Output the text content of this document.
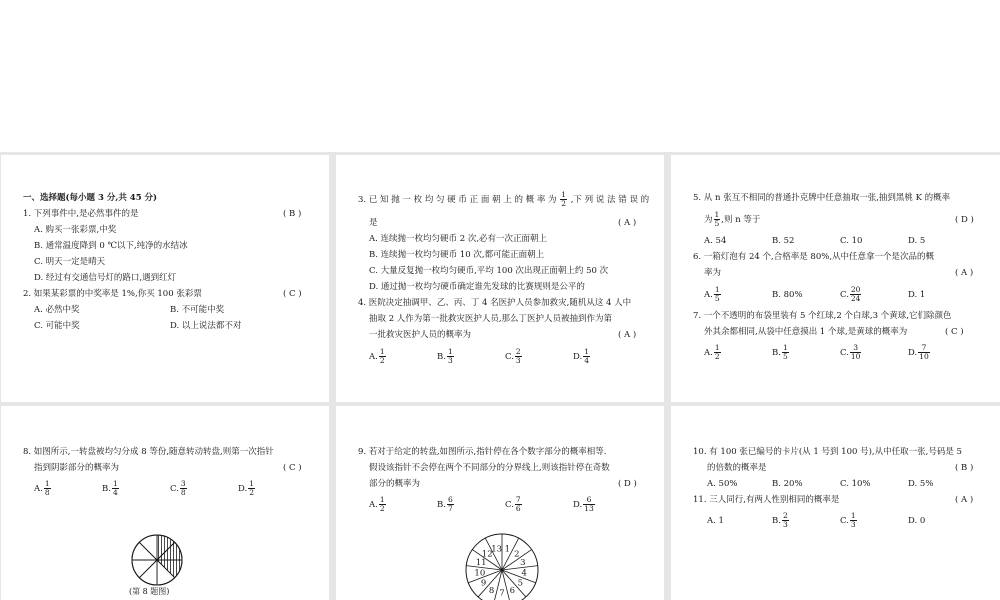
一、选择题(每小题 3 分,共 45 分)
1. 下列事件中,是必然事件的是	( B )
A. 购买一张彩票,中奖
B. 通常温度降到 0 ℃以下,纯净的水结冰
C. 明天一定是晴天
D. 经过有交通信号灯的路口,遇到红灯
2. 如果某彩票的中奖率是 1%,你买 100 张彩票	( C )
A. 必然中奖	B. 不可能中奖
C. 可能中奖	D. 以上说法都不对
3. 已 知 抛 一 枚 均 匀 硬 币 正 面 朝 上 的 概 率 为 $\frac{1}{2}$ ,下 列 说 法 错 误 的
是	( A )
A. 连续抛一枚均匀硬币 2 次,必有一次正面朝上
B. 连续抛一枚均匀硬币 10 次,都可能正面朝上
C. 大量反复抛一枚均匀硬币,平均 100 次出现正面朝上约 50 次
D. 通过抛一枚均匀硬币确定谁先发球的比赛规则是公平的
4. 医院决定抽调甲、乙、丙、丁 4 名医护人员参加救灾,随机从这 4 人中
抽取 2 人作为第一批救灾医护人员,那么丁医护人员被抽到作为第
一批救灾医护人员的概率为	( A )
A. $\frac{1}{2}$	B. $\frac{1}{3}$	C. $\frac{2}{3}$	D. $\frac{1}{4}$
5. 从 n 张互不相同的普通扑克牌中任意抽取一张,抽到黑桃 K 的概率
为 $\frac{1}{5}$ ,则 n 等于	( D )
A. 54	B. 52	C. 10	D. 5
6. 一箱灯泡有 24 个,合格率是 80%,从中任意拿一个是次品的概
率为	( A )
A. $\frac{1}{5}$	B. 80%	C. $\frac{20}{24}$	D. 1
7. 一个不透明的布袋里装有 5 个红球,2 个白球,3 个黄球,它们除颜色
外其余都相同,从袋中任意摸出 1 个球,是黄球的概率为	( C )
A. $\frac{1}{2}$	B. $\frac{1}{5}$	C. $\frac{3}{10}$	D. $\frac{7}{10}$
8. 如图所示,一转盘被均匀分成 8 等份,随意转动转盘,则第一次指针
指到阴影部分的概率为	( C )
A. $\frac{1}{8}$	B. $\frac{1}{4}$	C. $\frac{3}{8}$	D. $\frac{1}{2}$
(第 8 题图)
9. 若对于给定的转盘,如图所示,指针停在各个数字部分的概率相等.
假设该指针不会停在两个不同部分的分界线上,则该指针停在奇数
部分的概率为	( D )
A. $\frac{1}{2}$	B. $\frac{6}{7}$	C. $\frac{7}{6}$	D. $\frac{6}{13}$
1 2
3
4
5
6
7
8
9
10
11
12
13
10. 有 100 张已编号的卡片(从 1 号到 100 号),从中任取一张,号码是 5
的倍数的概率是	( B )
A. 50%	B. 20%	C. 10%	D. 5%
11. 三人同行,有两人性别相同的概率是	( A )
A. 1	B. $\frac{2}{3}$	C. $\frac{1}{3}$	D. 0
